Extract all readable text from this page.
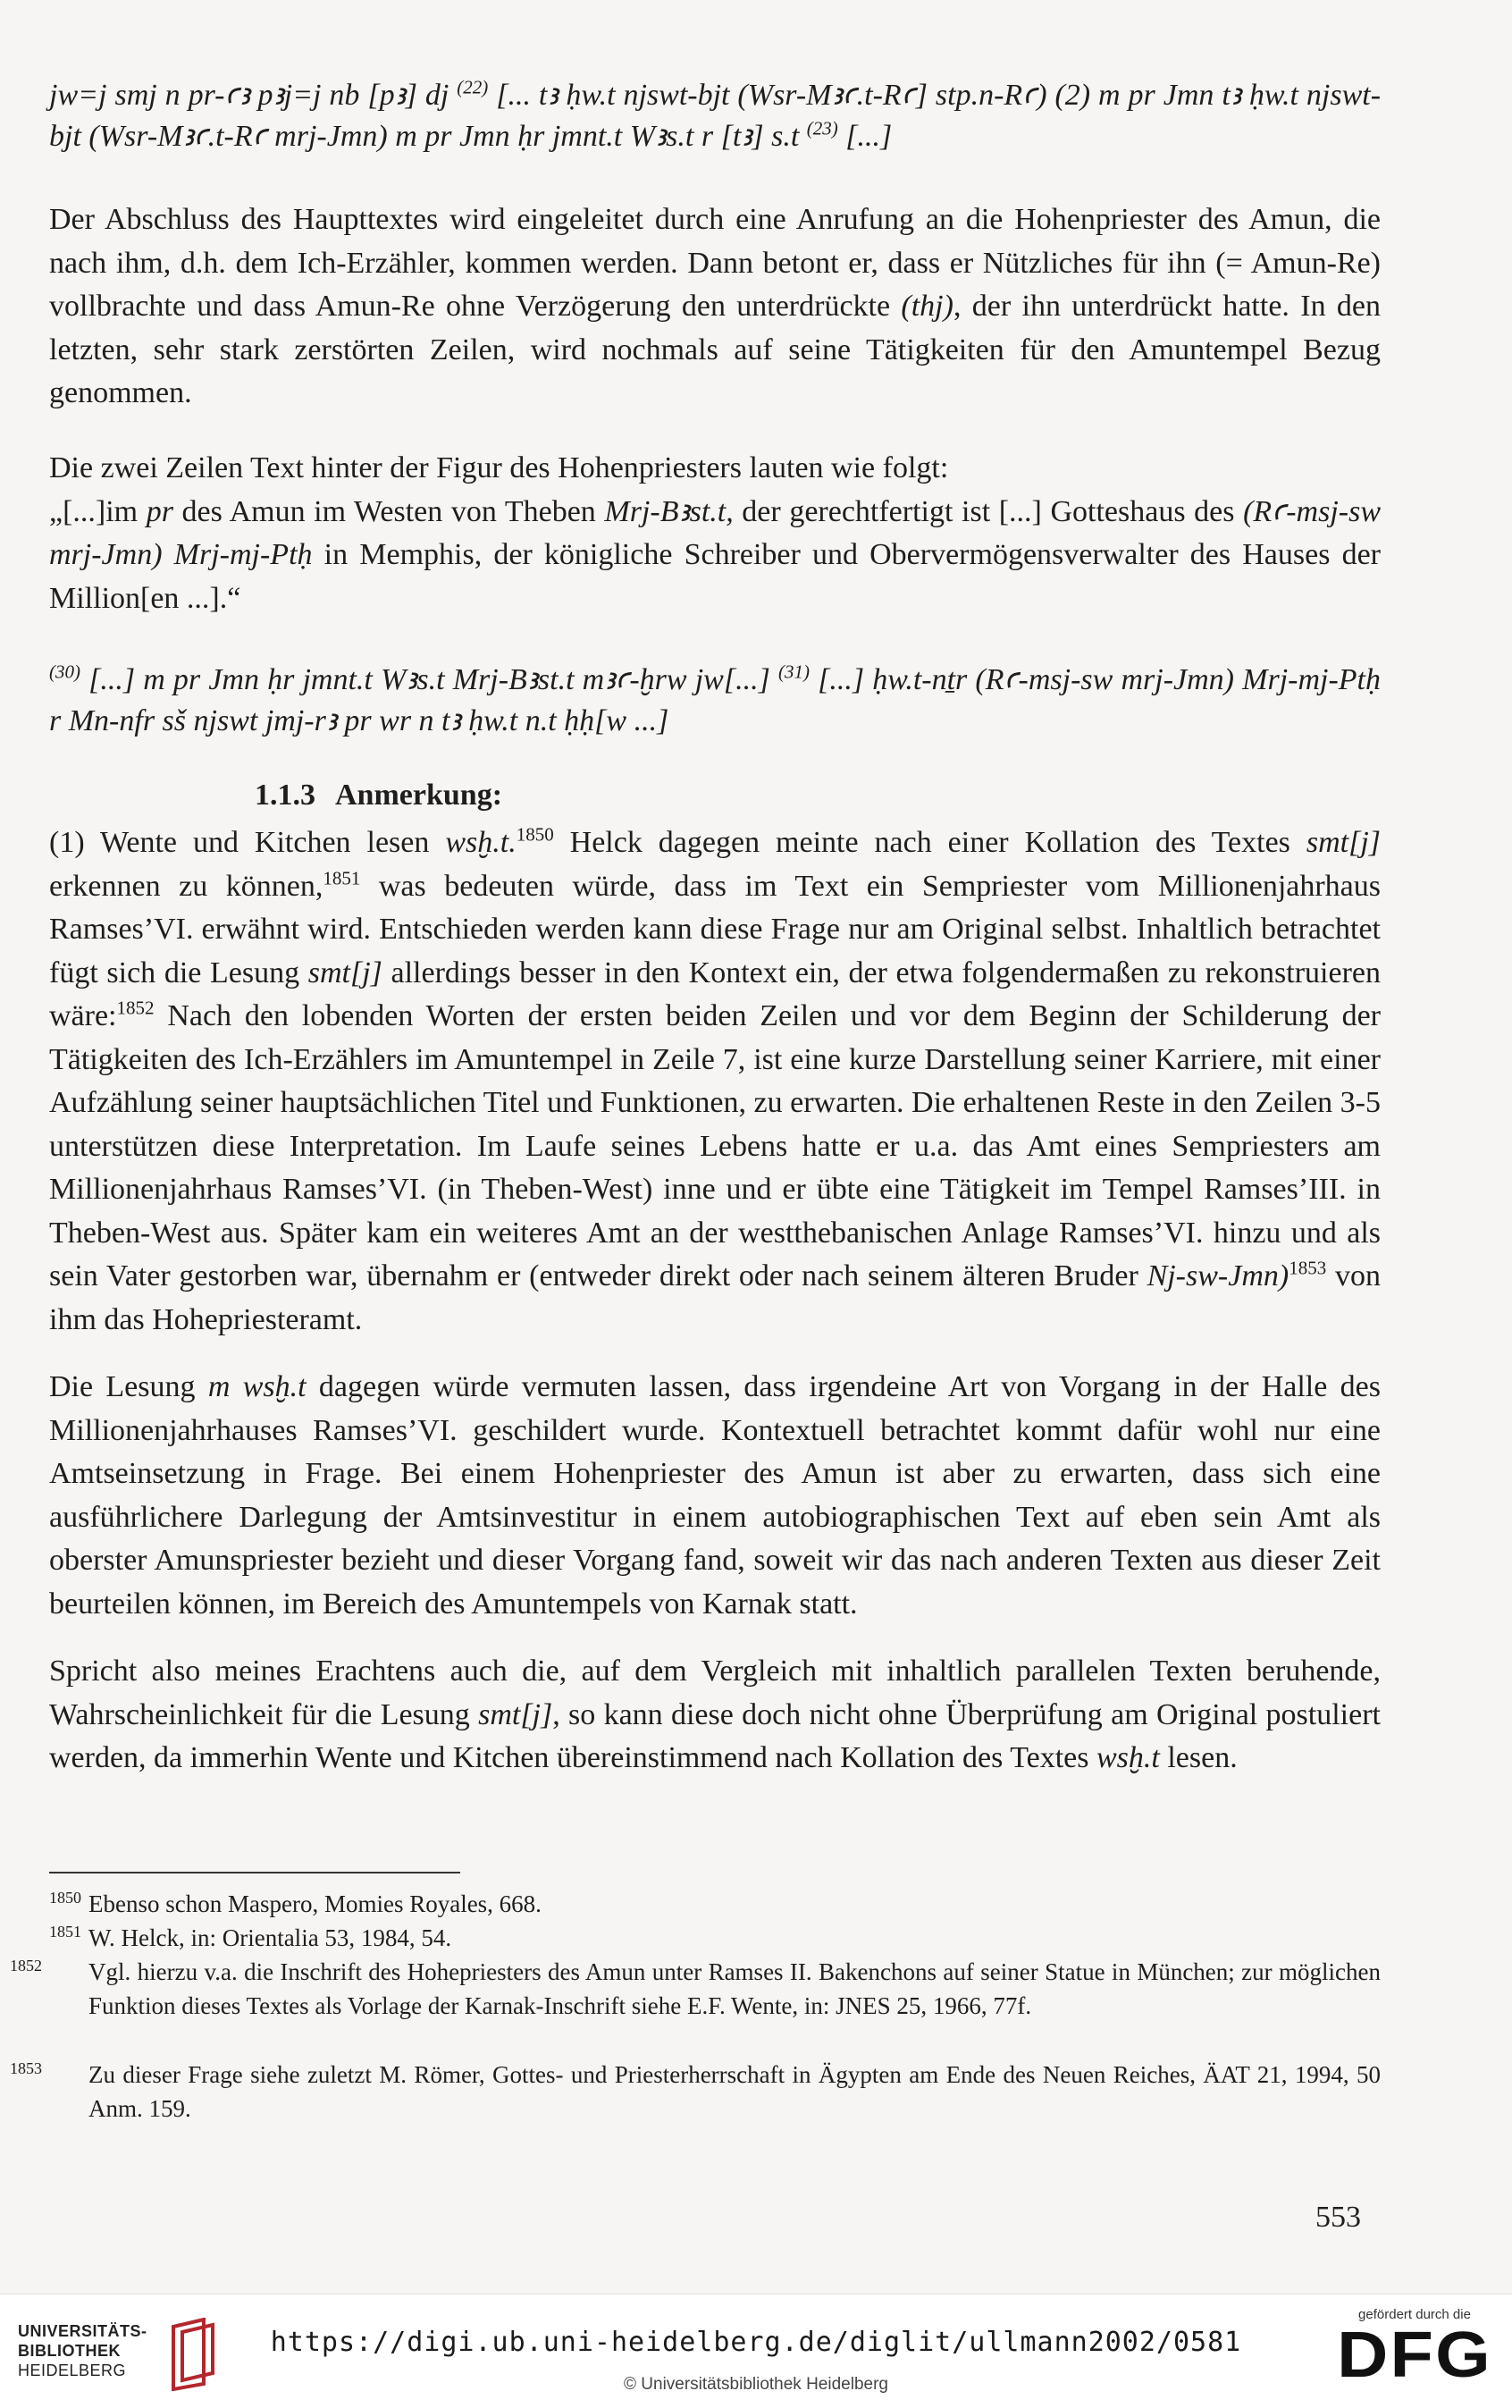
jw=j smj n pr-ꜥꜣ pꜣj=j nb [pꜣ] dj $^{(22)}$ [... tꜣ ḥw.t njswt-bjt (Wsr-Mꜣꜥ.t-Rꜥ] stp.n-Rꜥ) (2) m pr Jmn tꜣ ḥw.t njswt-bjt (Wsr-Mꜣꜥ.t-Rꜥ mrj-Jmn) m pr Jmn ḥr jmnt.t Wꜣs.t r [tꜣ] s.t $^{(23)}$ [...]

Der Abschluss des Haupttextes wird eingeleitet durch eine Anrufung an die Hohenpriester des Amun, die nach ihm, d.h. dem Ich-Erzähler, kommen werden. Dann betont er, dass er Nützliches für ihn (= Amun-Re) vollbrachte und dass Amun-Re ohne Verzögerung den unterdrückte (thj), der ihn unterdrückt hatte. In den letzten, sehr stark zerstörten Zeilen, wird nochmals auf seine Tätigkeiten für den Amuntempel Bezug genommen.

Die zwei Zeilen Text hinter der Figur des Hohenpriesters lauten wie folgt:
„[...]im pr des Amun im Westen von Theben Mrj-Bꜣst.t, der gerechtfertigt ist [...] Gotteshaus des (Rꜥ-msj-sw mrj-Jmn) Mrj-mj-Ptḥ in Memphis, der königliche Schreiber und Obervermögensverwalter des Hauses der Million[en ...].“

$^{(30)}$ [...] m pr Jmn ḥr jmnt.t Wꜣs.t Mrj-Bꜣst.t mꜣꜥ-ḫrw jw[...] $^{(31)}$ [...] ḥw.t-nṯr (Rꜥ-msj-sw mrj-Jmn) Mrj-mj-Ptḥ r Mn-nfr sš njswt jmj-rꜣ pr wr n tꜣ ḥw.t n.t ḥḥ[w ...]

1.1.3 Anmerkung:

(1) Wente und Kitchen lesen wsḫ.t.$^{1850}$ Helck dagegen meinte nach einer Kollation des Textes smt[j] erkennen zu können,$^{1851}$ was bedeuten würde, dass im Text ein Sempriester vom Millionenjahrhaus Ramses’VI. erwähnt wird. Entschieden werden kann diese Frage nur am Original selbst. Inhaltlich betrachtet fügt sich die Lesung smt[j] allerdings besser in den Kontext ein, der etwa folgendermaßen zu rekonstruieren wäre:$^{1852}$ Nach den lobenden Worten der ersten beiden Zeilen und vor dem Beginn der Schilderung der Tätigkeiten des Ich-Erzählers im Amuntempel in Zeile 7, ist eine kurze Darstellung seiner Karriere, mit einer Aufzählung seiner hauptsächlichen Titel und Funktionen, zu erwarten. Die erhaltenen Reste in den Zeilen 3-5 unterstützen diese Interpretation. Im Laufe seines Lebens hatte er u.a. das Amt eines Sempriesters am Millionenjahrhaus Ramses’VI. (in Theben-West) inne und er übte eine Tätigkeit im Tempel Ramses’III. in Theben-West aus. Später kam ein weiteres Amt an der westthebanischen Anlage Ramses’VI. hinzu und als sein Vater gestorben war, übernahm er (entweder direkt oder nach seinem älteren Bruder Nj-sw-Jmn)$^{1853}$ von ihm das Hohepriesteramt.

Die Lesung m wsḫ.t dagegen würde vermuten lassen, dass irgendeine Art von Vorgang in der Halle des Millionenjahrhauses Ramses’VI. geschildert wurde. Kontextuell betrachtet kommt dafür wohl nur eine Amtseinsetzung in Frage. Bei einem Hohenpriester des Amun ist aber zu erwarten, dass sich eine ausführlichere Darlegung der Amtsinvestitur in einem autobiographischen Text auf eben sein Amt als oberster Amunspriester bezieht und dieser Vorgang fand, soweit wir das nach anderen Texten aus dieser Zeit beurteilen können, im Bereich des Amuntempels von Karnak statt.

Spricht also meines Erachtens auch die, auf dem Vergleich mit inhaltlich parallelen Texten beruhende, Wahrscheinlichkeit für die Lesung smt[j], so kann diese doch nicht ohne Überprüfung am Original postuliert werden, da immerhin Wente und Kitchen übereinstimmend nach Kollation des Textes wsḫ.t lesen.

1850 Ebenso schon Maspero, Momies Royales, 668.
1851 W. Helck, in: Orientalia 53, 1984, 54.
1852 Vgl. hierzu v.a. die Inschrift des Hohepriesters des Amun unter Ramses II. Bakenchons auf seiner Statue in München; zur möglichen Funktion dieses Textes als Vorlage der Karnak-Inschrift siehe E.F. Wente, in: JNES 25, 1966, 77f.
1853 Zu dieser Frage siehe zuletzt M. Römer, Gottes- und Priesterherrschaft in Ägypten am Ende des Neuen Reiches, ÄAT 21, 1994, 50 Anm. 159.
553
UNIVERSITÄTS-
BIBLIOTHEK
HEIDELBERG
https://digi.ub.uni-heidelberg.de/diglit/ullmann2002/0581
© Universitätsbibliothek Heidelberg
gefördert durch die
DFG
